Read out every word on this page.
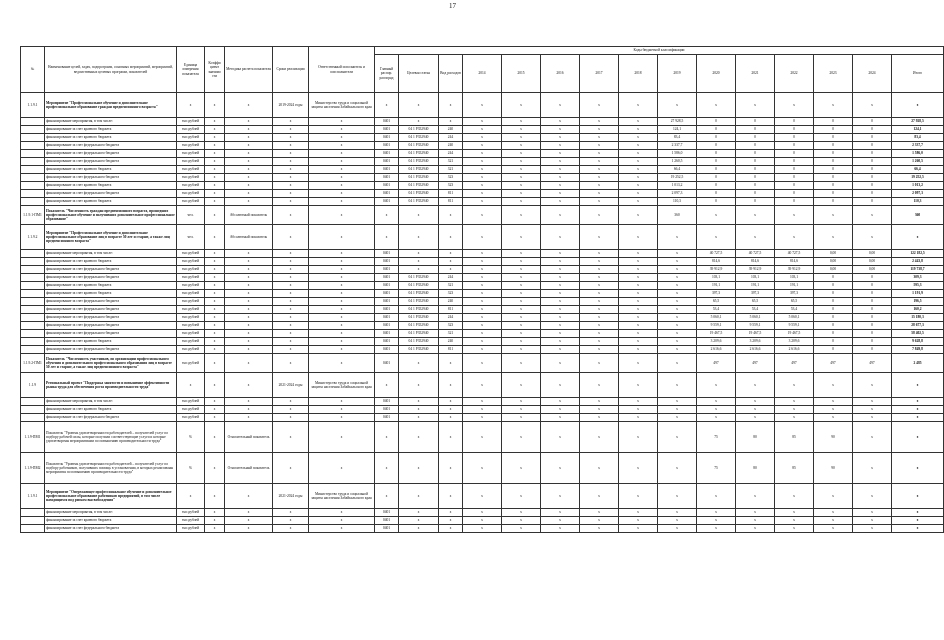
17
№	Наименование целей, задач, подпрограмм, основных мероприятий, мероприятий, ведомственных целевых программ, показателей	Единица измерения показателя	Коэффи циент значимо сти	Методика расчета показателя	Сроки реализации	Ответственный исполнитель и соисполнители	Коды бюджетной классификации														
							Главный распор. распоряд	Целевая статья	Вид расходов	2014	2015	2016	2017	2018	2019	2020	2021	2022	2023	2024	Итого
1.1.9.1	Мероприятие "Профессиональное обучение и дополнительное профессиональное образование граждан предпенсионного возраста"	x	x	x	2019-2024 годы	Министерство труда и социальной защиты населения Забайкальского края	x	x	x	x	x	x	x	x	x	x	x	x	x	x	x
	финансирование мероприятия, в том числе:	тыс.рублей	x	x	x	x	0401	x	x	x	x	x	x	x	27 928,5	0	0	0	0	0	27 928,5
	финансирование за счет краевого бюджета	тыс.рублей	x	x	x	x	0401	04 1 P352940	240	x	x	x	x	x	124,1	0	0	0	0	0	124,1
	финансирование за счет краевого бюджета	тыс.рублей	x	x	x	x	0401	04 1 P352940	244	x	x	x	x	x	83,4	0	0	0	0	0	83,4
	финансирование за счет федерального бюджета	тыс.рублей	x	x	x	x	0401	04 1 P352940	240	x	x	x	x	x	2 337,7	0	0	0	0	0	2 337,7
	финансирование за счет федерального бюджета	тыс.рублей	x	x	x	x	0401	04 1 P352940	244	x	x	x	x	x	1 586,0	0	0	0	0	0	1 586,0
	финансирование за счет федерального бюджета	тыс.рублей	x	x	x	x	0401	04 1 P352940	321	x	x	x	x	x	1 260,5	0	0	0	0	0	1 260,5
	финансирование за счет краевого бюджета	тыс.рублей	x	x	x	x	0401	04 1 P352940	321	x	x	x	x	x	66,4	0	0	0	0	0	66,4
	финансирование за счет федерального бюджета	тыс.рублей	x	x	x	x	0401	04 1 P352940	323	x	x	x	x	x	19 252,5	0	0	0	0	0	19 252,5
	финансирование за счет краевого бюджета	тыс.рублей	x	x	x	x	0401	04 1 P352940	323	x	x	x	x	x	1 013,2	0	0	0	0	0	1 013,2
	финансирование за счет федерального бюджета	тыс.рублей	x	x	x	x	0401	04 1 P352940	811	x	x	x	x	x	2 097,3	0	0	0	0	0	2 097,3
	финансирование за счет краевого бюджета	тыс.рублей	x	x	x	x	0401	04 1 P352940	811	x	x	x	x	x	110,3	0	0	0	0	0	110,3
1.1.9.1-ПМ1	Показатель "Численность граждан предпенсионного возраста, прошедших профессиональное обучение и получивших дополнительное профессиональное образование"	чел.	x	Абсолютный показатель	x	x	x	x	x	x	x	x	x	x	360	x	x	x	x	x	360
1.1.9.2	Мероприятие "Профессиональное обучение и дополнительное профессиональное образование лиц в возрасте 50 лет и старше, а также лиц предпенсионного возраста"	чел.	x	Абсолютный показатель	x	x	x	x	x	x	x	x	x	x	x	x	x	x	x	x	x
	финансирование мероприятия, в том числе:	тыс.рублей	x	x	x	x	0401	x	x	x	x	x	x	x	x	40 727,5	40 727,5	40 727,5	0,00	0,00	122 182,5
	финансирование за счет краевого бюджета	тыс.рублей	x	x	x	x	0401	x	x	x	x	x	x	x	x	814,6	814,6	814,6	0,00	0,00	2 443,8
	финансирование за счет федерального бюджета	тыс.рублей	x	x	x	x	0401	x	x	x	x	x	x	x	x	39 912,9	39 912,9	39 912,9	0,00	0,00	119 738,7
	финансирование за счет федерального бюджета	тыс.рублей	x	x	x	x	0401	04 1 P352940	244	x	x	x	x	x	x	103,1	103,1	103,1	0	0	309,3
	финансирование за счет краевого бюджета	тыс.рублей	x	x	x	x	0401	04 1 P352940	321	x	x	x	x	x	x	191,1	191,1	191,1	0	0	595,3
	финансирование за счет краевого бюджета	тыс.рублей	x	x	x	x	0401	04 1 P352940	323	x	x	x	x	x	x	397,3	397,3	397,3	0	0	1 191,9
	финансирование за счет федерального бюджета	тыс.рублей	x	x	x	x	0401	04 1 P352940	240	x	x	x	x	x	x	65,5	65,5	65,5	0	0	196,5
	финансирование за счет федерального бюджета	тыс.рублей	x	x	x	x	0401	04 1 P352940	811	x	x	x	x	x	x	53,4	53,4	53,4	0	0	160,2
	финансирование за счет федерального бюджета	тыс.рублей	x	x	x	x	0401	04 1 P352940	244	x	x	x	x	x	x	5 060,1	5 060,1	5 060,1	0	0	15 180,3
	финансирование за счет федерального бюджета	тыс.рублей	x	x	x	x	0401	04 1 P352940	323	x	x	x	x	x	x	9 559,1	9 559,1	9 559,1	0	0	28 677,3
	финансирование за счет федерального бюджета	тыс.рублей	x	x	x	x	0401	04 1 P352940	321	x	x	x	x	x	x	19 467,5	19 467,5	19 467,5	0	0	58 402,5
	финансирование за счет краевого бюджета	тыс.рублей	x	x	x	x	0401	04 1 P352940	240	x	x	x	x	x	x	3 209,6	3 209,6	3 209,6	0	0	9 628,8
	финансирование за счет федерального бюджета	тыс.рублей	x	x	x	x	0401	04 1 P352940	811	x	x	x	x	x	x	2 616,6	2 616,6	2 616,6	0	0	7 849,8
1.1.9.2-ПМ1	Показатель "Численность участников, по организации профессионального обучения и дополнительного профессионального образования лиц в возрасте 50 лет и старше, а также лиц предпенсионного возраста"	тыс.рублей	x	x	x	x	0401	x	x	x	x	x	x	x	x	497	497	497	497	497	2 485
1.1.9	Региональный проект "Поддержка занятости и повышение эффективности рынка труда для обеспечения роста производительности труда"	x	x	x	2021-2024 годы	Министерство труда и социальной защиты населения Забайкальского края	x	x	x	x	x	x	x	x	x	x	x	x	x	x	x
	финансирование мероприятия, в том числе:	тыс.рублей	x	x	x	x	0401	x	x	x	x	x	x	x	x	x	x	x	x	x	x
	финансирование за счет краевого бюджета	тыс.рублей	x	x	x	x	0401	x	x	x	x	x	x	x	x	x	x	x	x	x	x
	финансирование за счет федерального бюджета	тыс.рублей	x	x	x	x	0401	x	x	x	x	x	x	x	x	x	x	x	x	x	x
1.1.9-ПМ1	Показатель "Уровень удовлетворенности работодателей – получателей услуг по подбору рабочей силы, которые получили соответствующие услуги и которые удовлетворены мероприятиями по повышению производительности труда"	%	x	Относительный показатель	x	x	x	x	x	x	x	x	x	x	x	75	80	85	90	x	x
1.1.9-ПМ2	Показатель "Уровень удовлетворенности работодателей – получателей услуг по подбору работников, получивших помощь в установлении, в которых реализованы мероприятия по повышению производительности труда"	%	x	Относительный показатель	x	x	x	x	x	x	x	x	x	x	x	75	80	85	90	x	x
1.1.9.1	Мероприятие "Опережающее профессиональное обучение и дополнительное профессиональное образование работников предприятий, в том числе находящихся под риском высвобождения"	x	x	x	2021-2024 годы	Министерство труда и социальной защиты населения Забайкальского края	x	x	x	x	x	x	x	x	x	x	x	x	x	x	x
	финансирование мероприятия, в том числе:	тыс.рублей	x	x	x	x	0401	x	x	x	x	x	x	x	x	x	x	x	x	x	x
	финансирование за счет краевого бюджета	тыс.рублей	x	x	x	x	0401	x	x	x	x	x	x	x	x	x	x	x	x	x	x
	финансирование за счет федерального бюджета	тыс.рублей	x	x	x	x	0401	x	x	x	x	x	x	x	x	x	x	x	x	x	x
